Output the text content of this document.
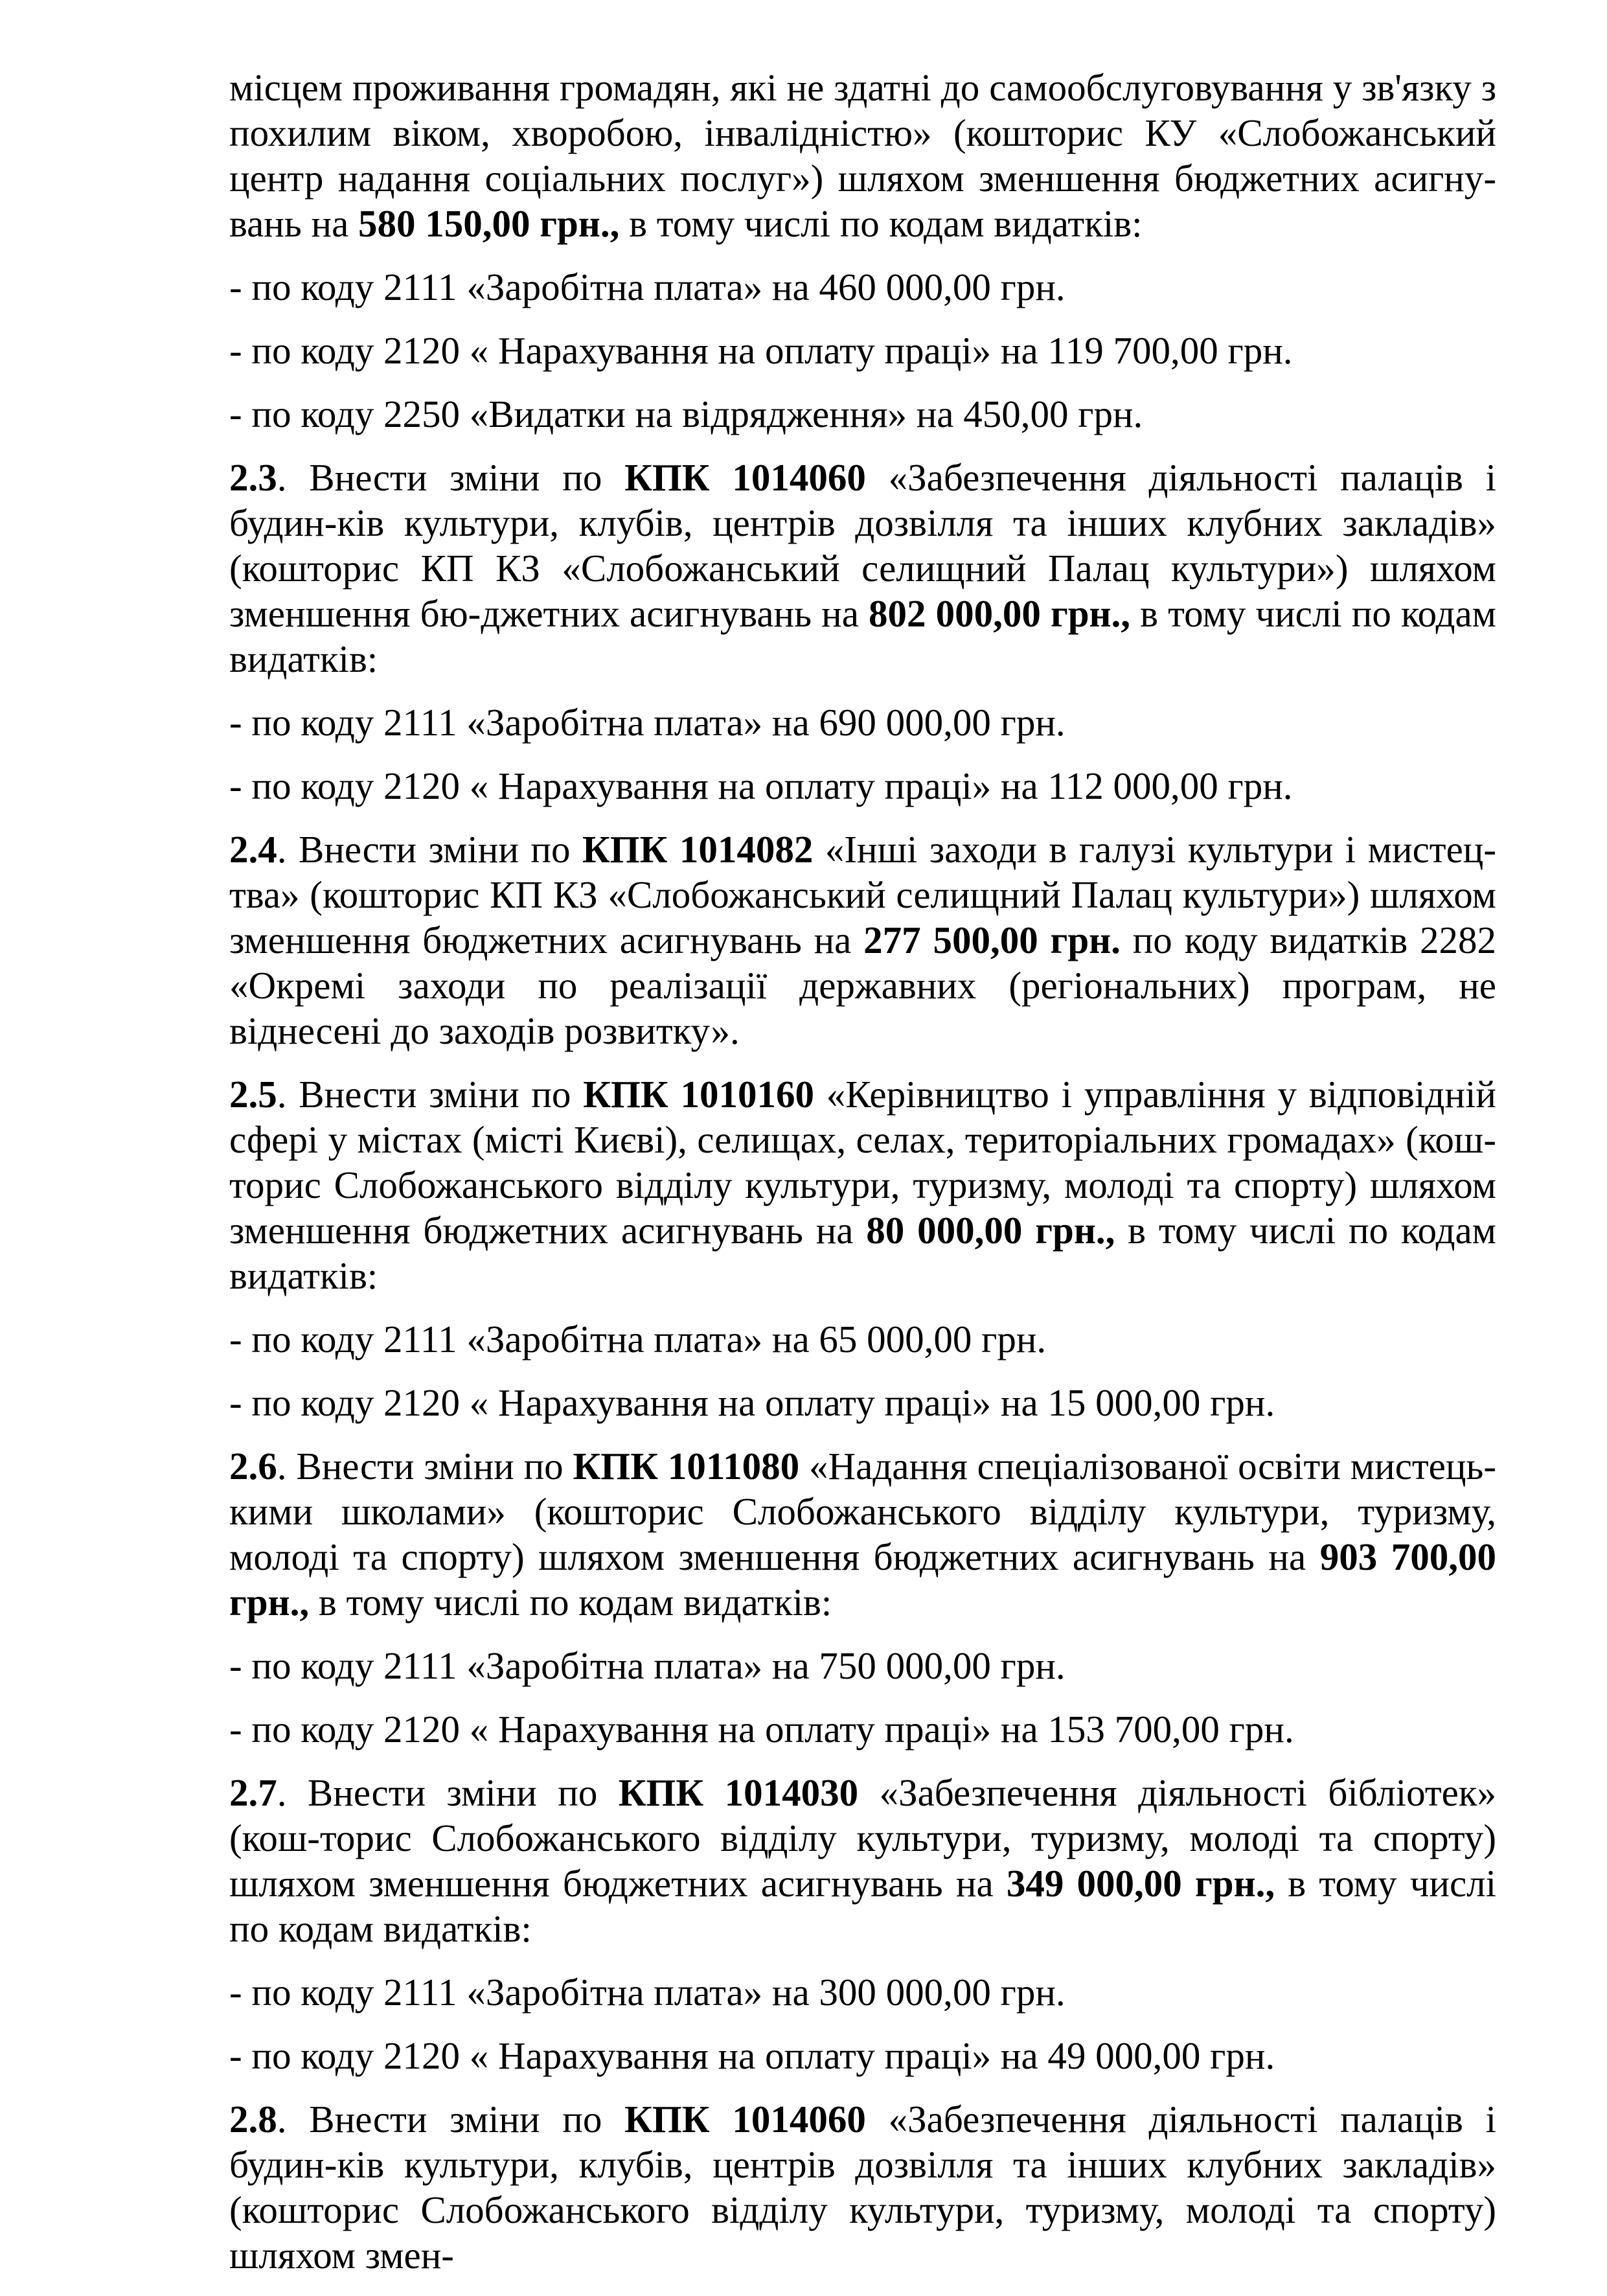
місцем проживання громадян, які не здатні до самообслуговування у зв'язку з похилим віком, хворобою, інвалідністю» (кошторис КУ «Слобожанський центр надання соціальних послуг») шляхом зменшення бюджетних асигну-вань на 580 150,00 грн., в тому числі по кодам видатків:

- по коду 2111 «Заробітна плата» на 460 000,00 грн.

- по коду 2120 « Нарахування на оплату праці» на 119 700,00 грн.

- по коду 2250 «Видатки на відрядження» на 450,00 грн.

2.3. Внести зміни по КПК 1014060 «Забезпечення діяльності палаців і будин-ків культури, клубів, центрів дозвілля та інших клубних закладів» (кошторис КП КЗ «Слобожанський селищний Палац культури») шляхом зменшення бю-джетних асигнувань на 802 000,00 грн., в тому числі по кодам видатків:

- по коду 2111 «Заробітна плата» на 690 000,00 грн.

- по коду 2120 « Нарахування на оплату праці» на 112 000,00 грн.

2.4. Внести зміни по КПК 1014082 «Інші заходи в галузі культури і мистец-тва» (кошторис КП КЗ «Слобожанський селищний Палац культури») шляхом зменшення бюджетних асигнувань на 277 500,00 грн. по коду видатків 2282 «Окремі заходи по реалізації державних (регіональних) програм, не віднесені до заходів розвитку».

2.5. Внести зміни по КПК 1010160 «Керівництво і управління у відповідній сфері у містах (місті Києві), селищах, селах, територіальних громадах» (кош-торис Слобожанського відділу культури, туризму, молоді та спорту) шляхом зменшення бюджетних асигнувань на 80 000,00 грн., в тому числі по кодам видатків:

- по коду 2111 «Заробітна плата» на 65 000,00 грн.

- по коду 2120 « Нарахування на оплату праці» на 15 000,00 грн.

2.6. Внести зміни по КПК 1011080 «Надання спеціалізованої освіти мистець-кими школами» (кошторис Слобожанського відділу культури, туризму, молоді та спорту) шляхом зменшення бюджетних асигнувань на 903 700,00 грн., в тому числі по кодам видатків:

- по коду 2111 «Заробітна плата» на 750 000,00 грн.

- по коду 2120 « Нарахування на оплату праці» на 153 700,00 грн.

2.7. Внести зміни по КПК 1014030 «Забезпечення діяльності бібліотек» (кош-торис Слобожанського відділу культури, туризму, молоді та спорту) шляхом зменшення бюджетних асигнувань на 349 000,00 грн., в тому числі по кодам видатків:

- по коду 2111 «Заробітна плата» на 300 000,00 грн.

- по коду 2120 « Нарахування на оплату праці» на 49 000,00 грн.

2.8. Внести зміни по КПК 1014060 «Забезпечення діяльності палаців і будин-ків культури, клубів, центрів дозвілля та інших клубних закладів» (кошторис Слобожанського відділу культури, туризму, молоді та спорту) шляхом змен-
